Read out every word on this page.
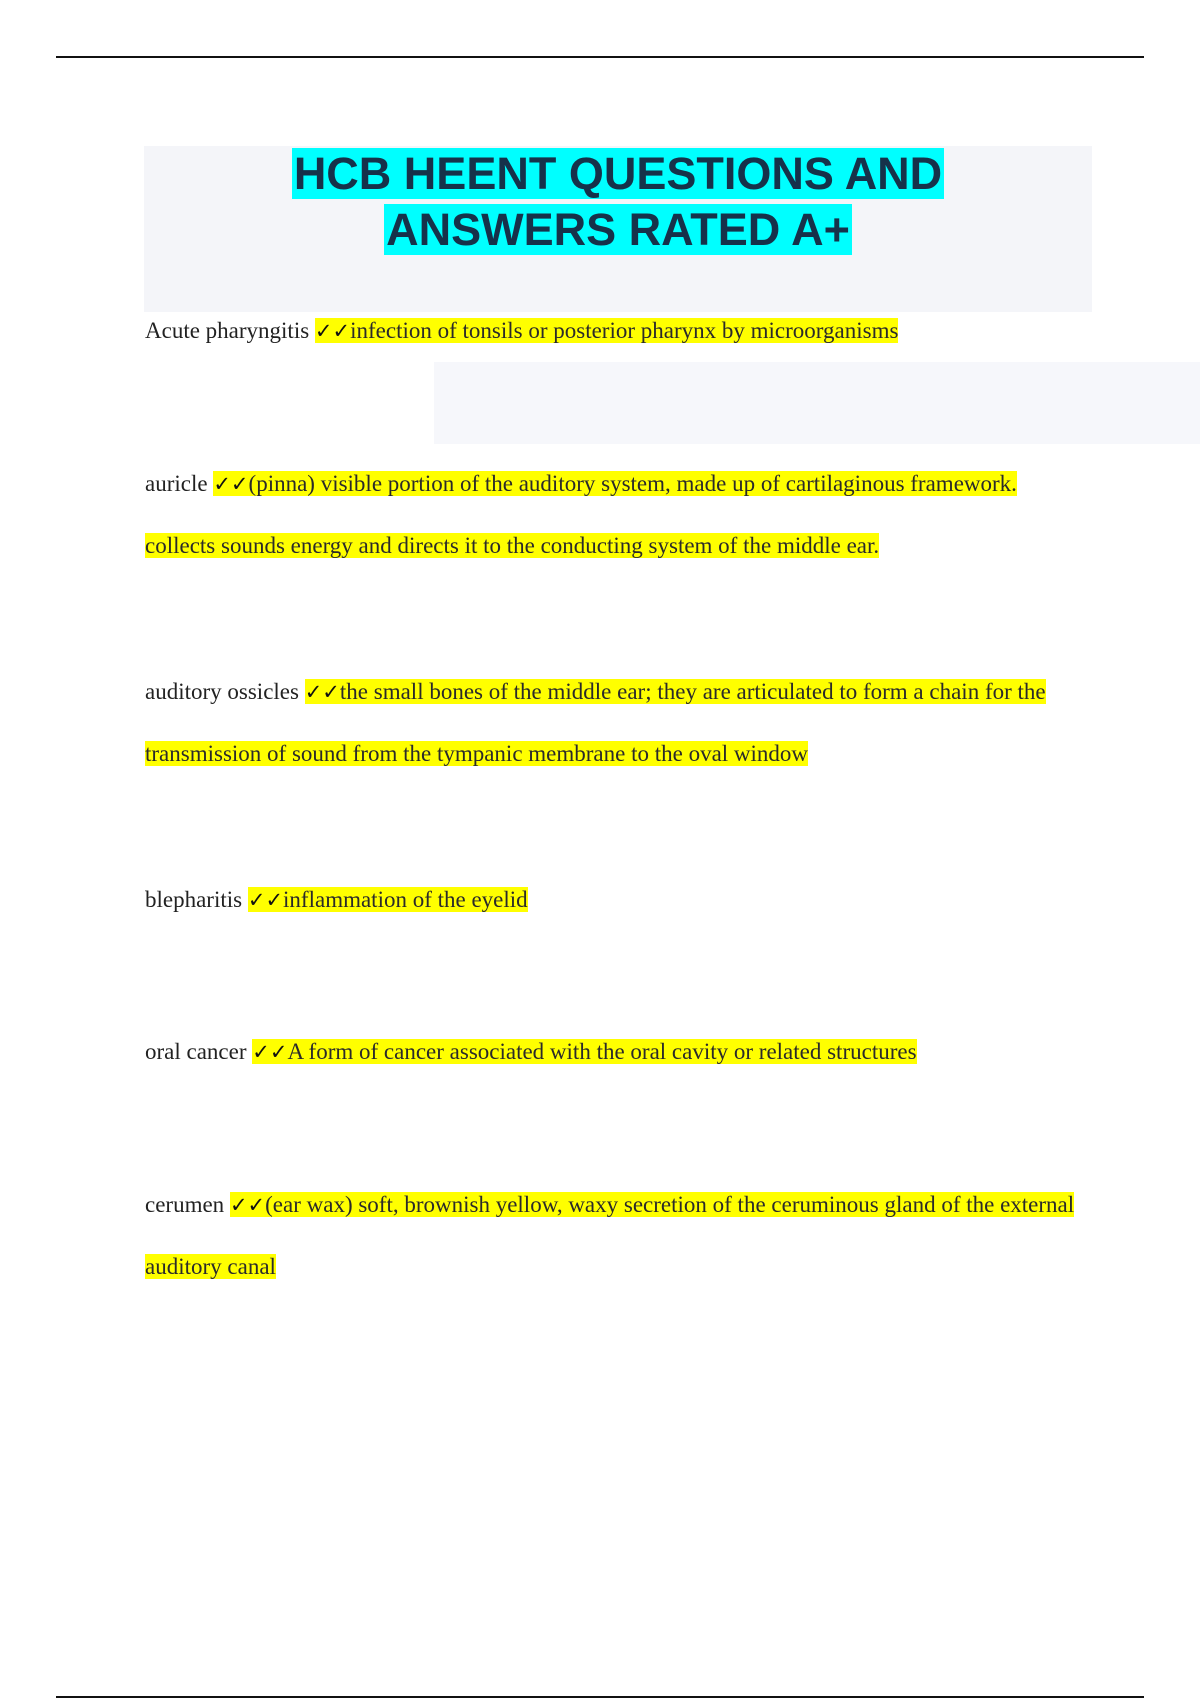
HCB HEENT QUESTIONS AND
ANSWERS RATED A+

Acute pharyngitis ✓✓infection of tonsils or posterior pharynx by microorganisms

auricle ✓✓(pinna) visible portion of the auditory system, made up of cartilaginous framework. collects sounds energy and directs it to the conducting system of the middle ear.

auditory ossicles ✓✓the small bones of the middle ear; they are articulated to form a chain for the transmission of sound from the tympanic membrane to the oval window

blepharitis ✓✓inflammation of the eyelid

oral cancer ✓✓A form of cancer associated with the oral cavity or related structures

cerumen ✓✓(ear wax) soft, brownish yellow, waxy secretion of the ceruminous gland of the external auditory canal
